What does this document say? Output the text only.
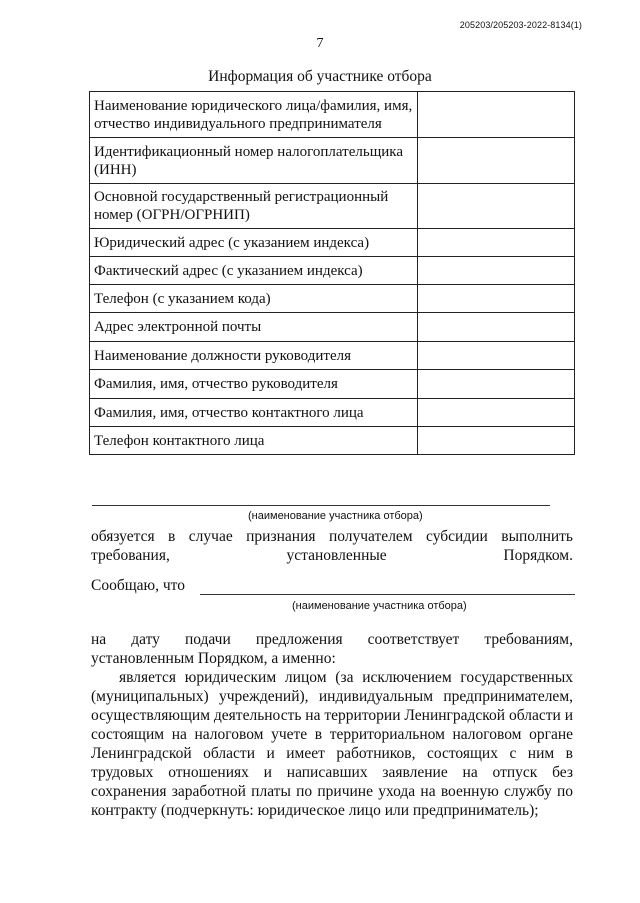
205203/205203-2022-8134(1)
7
Информация об участнике отбора
Наименование юридического лица/фамилия, имя, отчество индивидуального предпринимателя	
Идентификационный номер налогоплательщика (ИНН)	
Основной государственный регистрационный номер (ОГРН/ОГРНИП)	
Юридический адрес (с указанием индекса)	
Фактический адрес (с указанием индекса)	
Телефон (с указанием кода)	
Адрес электронной почты	
Наименование должности руководителя	
Фамилия, имя, отчество руководителя	
Фамилия, имя, отчество контактного лица	
Телефон контактного лица	
(наименование участника отбора)
обязуется в случае признания получателем субсидии выполнить требования, установленные Порядком.
Сообщаю, что
(наименование участника отбора)
на дату подачи предложения соответствует требованиям, установленным Порядком, а именно:
является юридическим лицом (за исключением государственных (муниципальных) учреждений), индивидуальным предпринимателем, осуществляющим деятельность на территории Ленинградской области и состоящим на налоговом учете в территориальном налоговом органе Ленинградской области и имеет работников, состоящих с ним в трудовых отношениях и написавших заявление на отпуск без сохранения заработной платы по причине ухода на военную службу по контракту (подчеркнуть: юридическое лицо или предприниматель);
